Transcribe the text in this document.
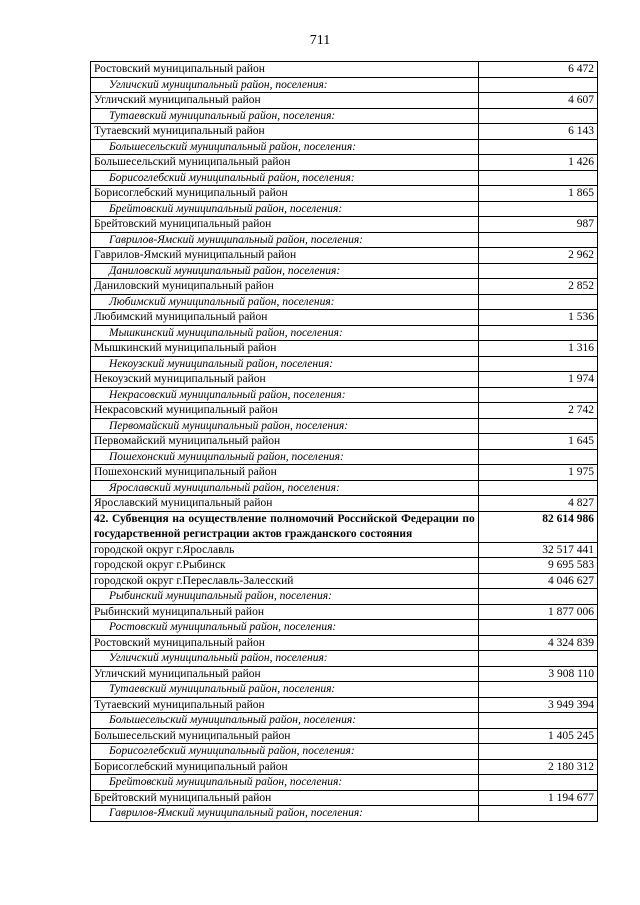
711
Ростовский муниципальный район	6 472
Угличский муниципальный район, поселения:	
Угличский муниципальный район	4 607
Тутаевский муниципальный район, поселения:	
Тутаевский муниципальный район	6 143
Большесельский муниципальный район, поселения:	
Большесельский муниципальный район	1 426
Борисоглебский муниципальный район, поселения:	
Борисоглебский муниципальный район	1 865
Брейтовский муниципальный район, поселения:	
Брейтовский муниципальный район	987
Гаврилов-Ямский муниципальный район, поселения:	
Гаврилов-Ямский муниципальный район	2 962
Даниловский муниципальный район, поселения:	
Даниловский муниципальный район	2 852
Любимский муниципальный район, поселения:	
Любимский муниципальный район	1 536
Мышкинский муниципальный район, поселения:	
Мышкинский муниципальный район	1 316
Некоузский муниципальный район, поселения:	
Некоузский муниципальный район	1 974
Некрасовский муниципальный район, поселения:	
Некрасовский муниципальный район	2 742
Первомайский муниципальный район, поселения:	
Первомайский муниципальный район	1 645
Пошехонский муниципальный район, поселения:	
Пошехонский муниципальный район	1 975
Ярославский муниципальный район, поселения:	
Ярославский муниципальный район	4 827
42. Субвенция на осуществление полномочий Российской Федерации по государственной регистрации актов гражданского состояния	82 614 986
городской округ г.Ярославль	32 517 441
городской округ г.Рыбинск	9 695 583
городской округ г.Переславль-Залесский	4 046 627
Рыбинский муниципальный район, поселения:	
Рыбинский муниципальный район	1 877 006
Ростовский муниципальный район, поселения:	
Ростовский муниципальный район	4 324 839
Угличский муниципальный район, поселения:	
Угличский муниципальный район	3 908 110
Тутаевский муниципальный район, поселения:	
Тутаевский муниципальный район	3 949 394
Большесельский муниципальный район, поселения:	
Большесельский муниципальный район	1 405 245
Борисоглебский муниципальный район, поселения:	
Борисоглебский муниципальный район	2 180 312
Брейтовский муниципальный район, поселения:	
Брейтовский муниципальный район	1 194 677
Гаврилов-Ямский муниципальный район, поселения:	
